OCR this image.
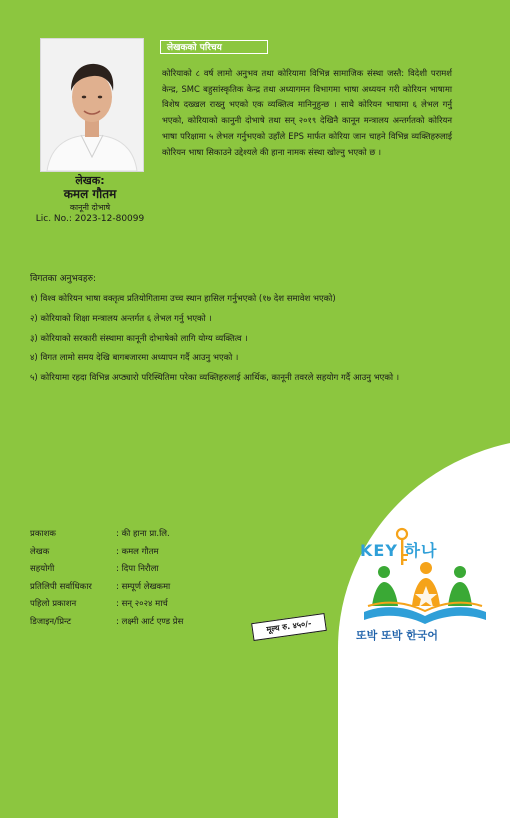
लेखक:
कमल गौतम
कानूनी दोभाषे
Lic. No.: 2023-12-80099
लेखकको परिचय

कोरियाको ८ वर्ष लामो अनुभव तथा कोरियामा विभिन्न सामाजिक संस्था जस्तै: विदेशी परामर्श केन्द्र, SMC बहुसांस्कृतिक केन्द्र तथा अध्यागमन विभागमा भाषा अध्ययन गरी कोरियन भाषामा विशेष दख्खल राख्नु भएको एक व्यक्तित्व मानिनुहुन्छ । साथै कोरियन भाषामा ६ लेभल गर्नु भएको, कोरियाको कानुनी दोभाषे तथा सन् २०१९ देखिनै कानून मन्त्रालय अन्तर्गतको कोरियन भाषा परिक्षामा ५ लेभल गर्नुभएको उहाँले EPS मार्फत कोरिया जान चाहने विभिन्न व्यक्तिहरुलाई कोरियन भाषा सिकाउने उद्देश्यले की हाना नामक संस्था खोल्नु भएको छ ।

विगतका अनुभवहरु:

१) विश्व कोरियन भाषा वक्तृत्व प्रतियोगितामा उच्च स्थान हासिल गर्नुभएको (१७ देश समावेश भएको)
२) कोरियाको शिक्षा मन्त्रालय अन्तर्गत ६ लेभल गर्नु भएको ।
३) कोरियाको सरकारी संस्थामा कानूनी दोभाषेको लागि योग्य व्यक्तित्व ।
४) विगत लामो समय देखि बागबजारमा अध्यापन गर्दै आउनु भएको ।
५) कोरियामा रहदा विभिन्न अप्ठ्यारो परिस्थितिमा परेका व्यक्तिहरुलाई आर्थिक, कानूनी तवरले सहयोग गर्दै आउनु भएको ।
प्रकाशक	: की हाना प्रा.लि.
लेखक	: कमल गौतम
सहयोगी	: दिपा निरौला
प्रतिलिपी सर्वाधिकार	: सम्पूर्ण लेखकमा
पहिलो प्रकाशन	: सन् २०२४ मार्च
डिजाइन/प्रिन्ट	: लक्ष्मी आर्ट एण्ड प्रेस	मूल्य रु. ४५०/-
KEY 하나
또박 또박 한국어
